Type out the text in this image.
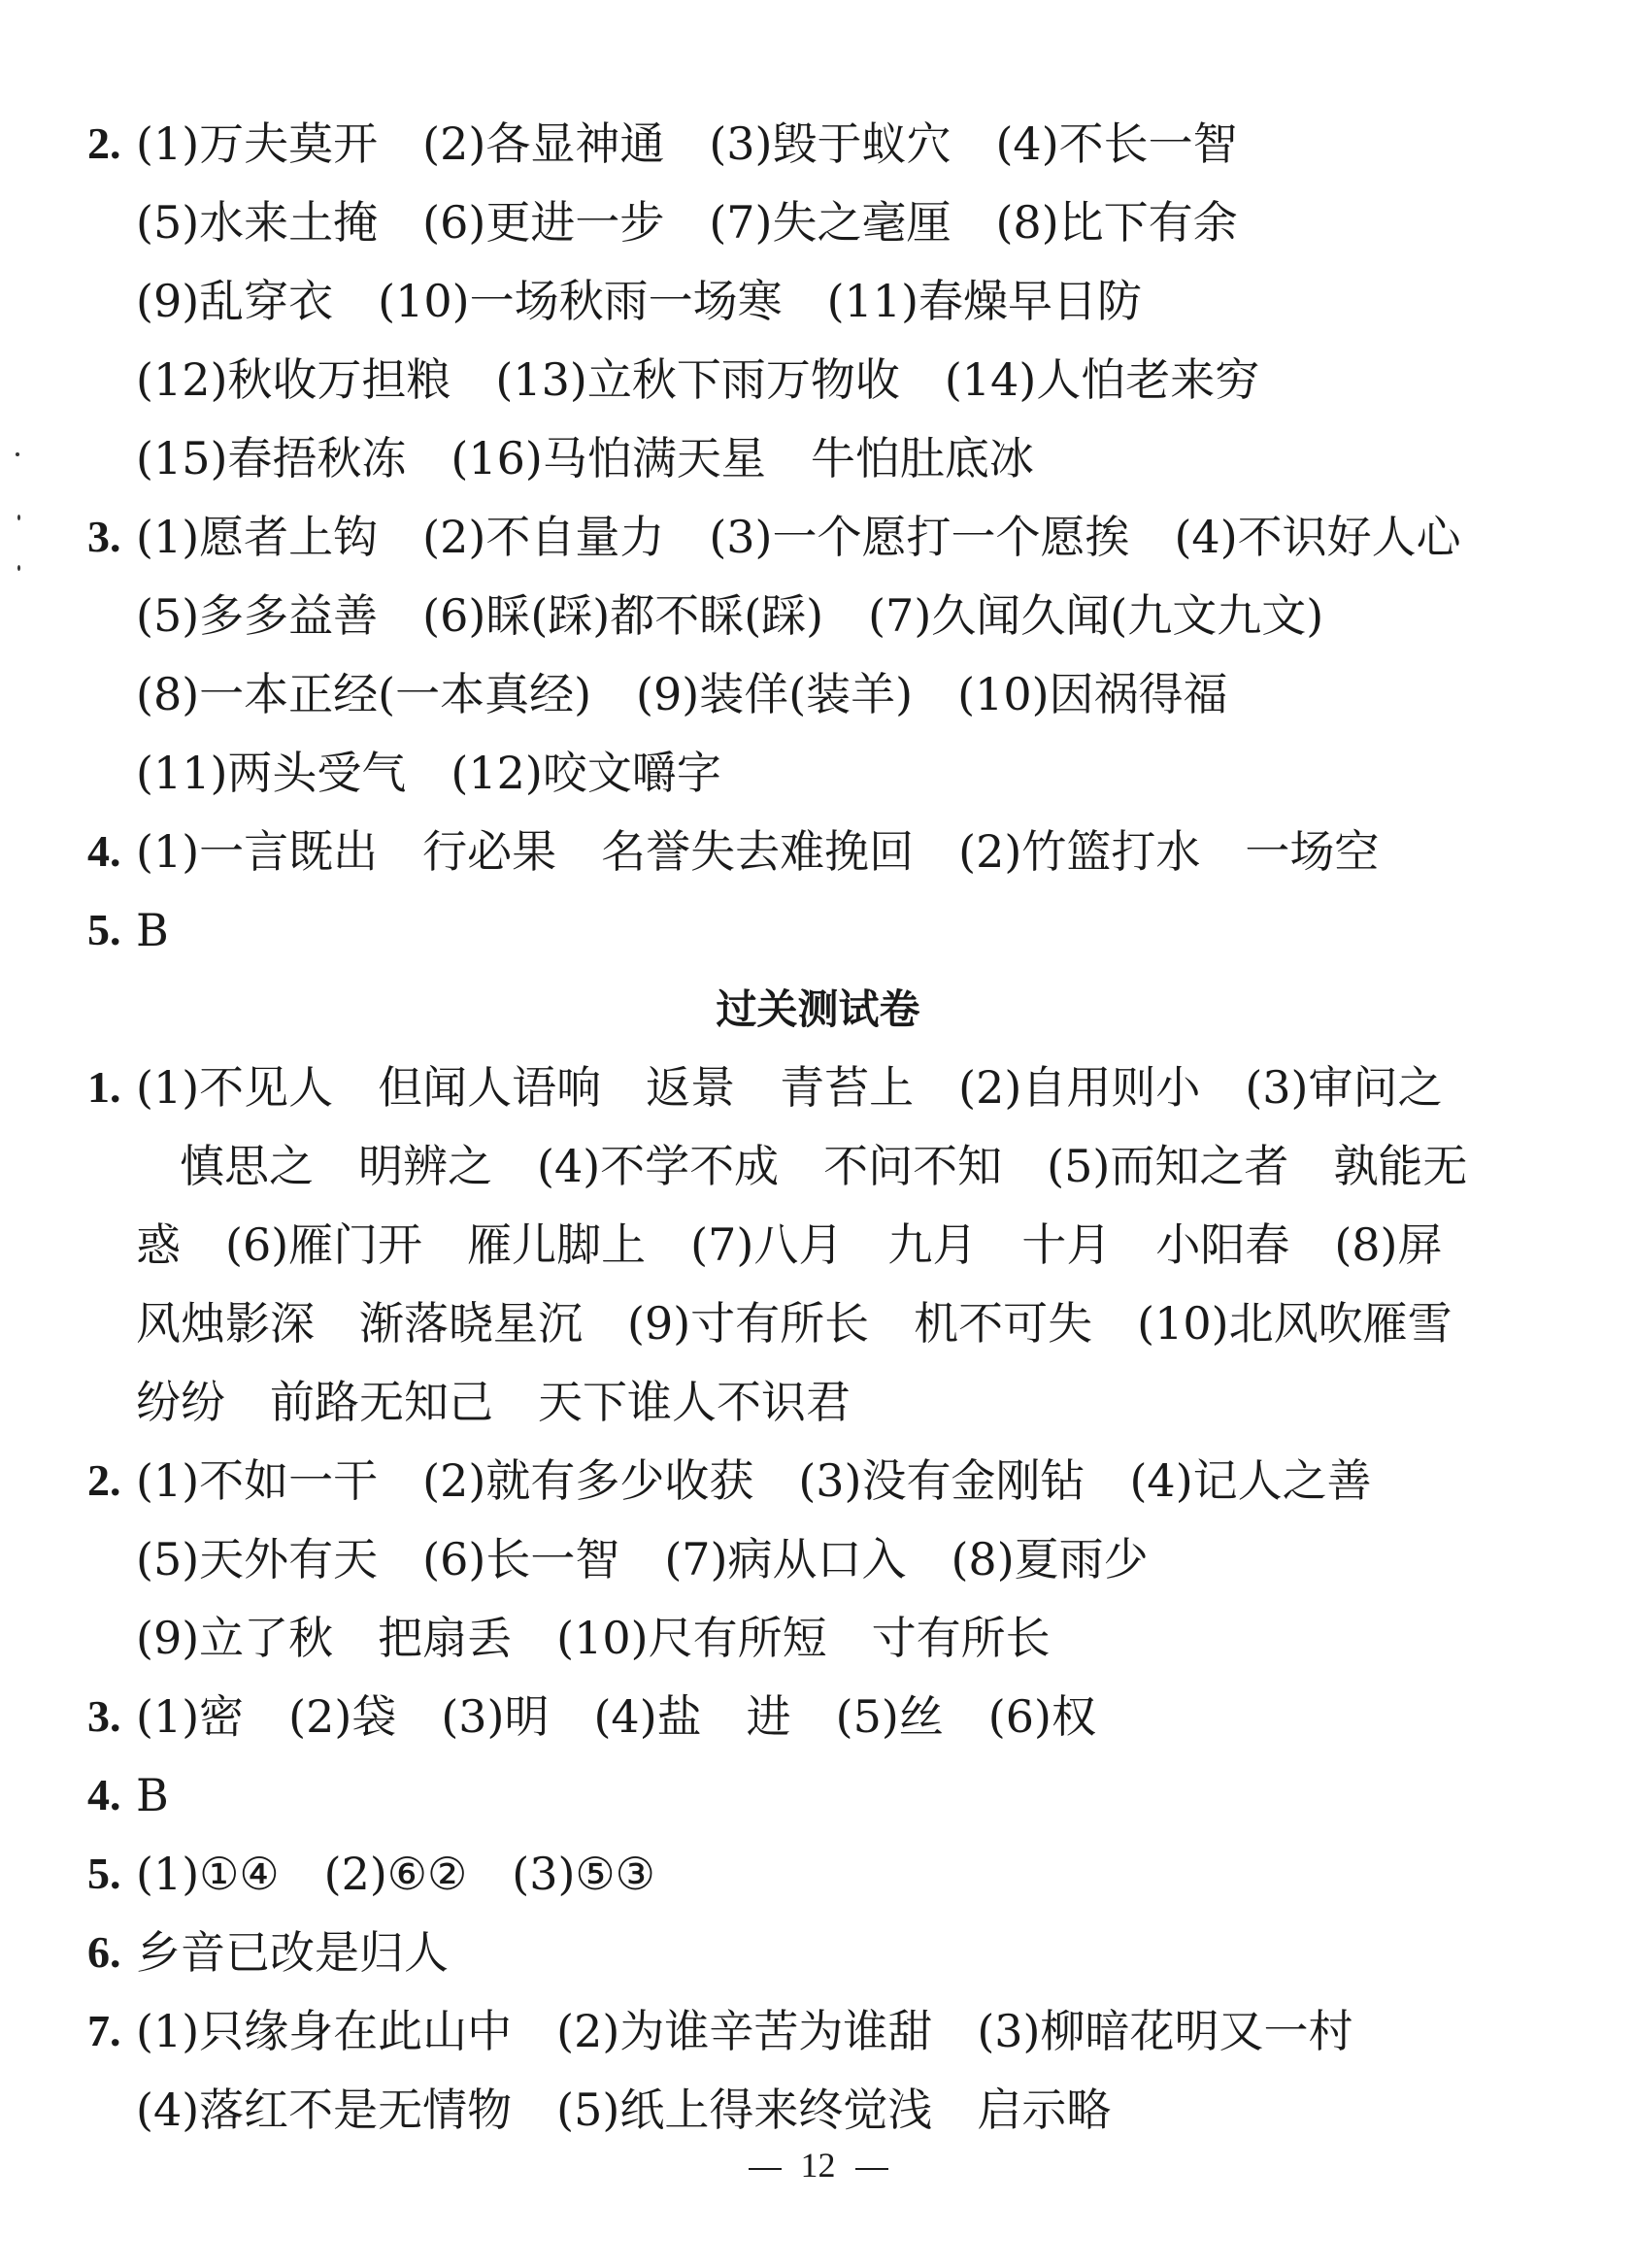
2. (1)万夫莫开　(2)各显神通　(3)毁于蚁穴　(4)不长一智
(5)水来土掩　(6)更进一步　(7)失之毫厘　(8)比下有余
(9)乱穿衣　(10)一场秋雨一场寒　(11)春燥早日防
(12)秋收万担粮　(13)立秋下雨万物收　(14)人怕老来穷
(15)春捂秋冻　(16)马怕满天星　牛怕肚底冰
3. (1)愿者上钩　(2)不自量力　(3)一个愿打一个愿挨　(4)不识好人心
(5)多多益善　(6)睬(踩)都不睬(踩)　(7)久闻久闻(九文九文)
(8)一本正经(一本真经)　(9)装佯(装羊)　(10)因祸得福
(11)两头受气　(12)咬文嚼字
4. (1)一言既出　行必果　名誉失去难挽回　(2)竹篮打水　一场空
5. B
过关测试卷
1. (1)不见人　但闻人语响　返景　青苔上　(2)自用则小　(3)审问之
慎思之　明辨之　(4)不学不成　不问不知　(5)而知之者　孰能无
惑　(6)雁门开　雁儿脚上　(7)八月　九月　十月　小阳春　(8)屏
风烛影深　渐落晓星沉　(9)寸有所长　机不可失　(10)北风吹雁雪
纷纷　前路无知己　天下谁人不识君
2. (1)不如一干　(2)就有多少收获　(3)没有金刚钻　(4)记人之善
(5)天外有天　(6)长一智　(7)病从口入　(8)夏雨少
(9)立了秋　把扇丢　(10)尺有所短　寸有所长
3. (1)密　(2)袋　(3)明　(4)盐　进　(5)丝　(6)权
4. B
5. (1)①④　(2)⑥②　(3)⑤③
6. 乡音已改是归人
7. (1)只缘身在此山中　(2)为谁辛苦为谁甜　(3)柳暗花明又一村
(4)落红不是无情物　(5)纸上得来终觉浅　启示略
12
